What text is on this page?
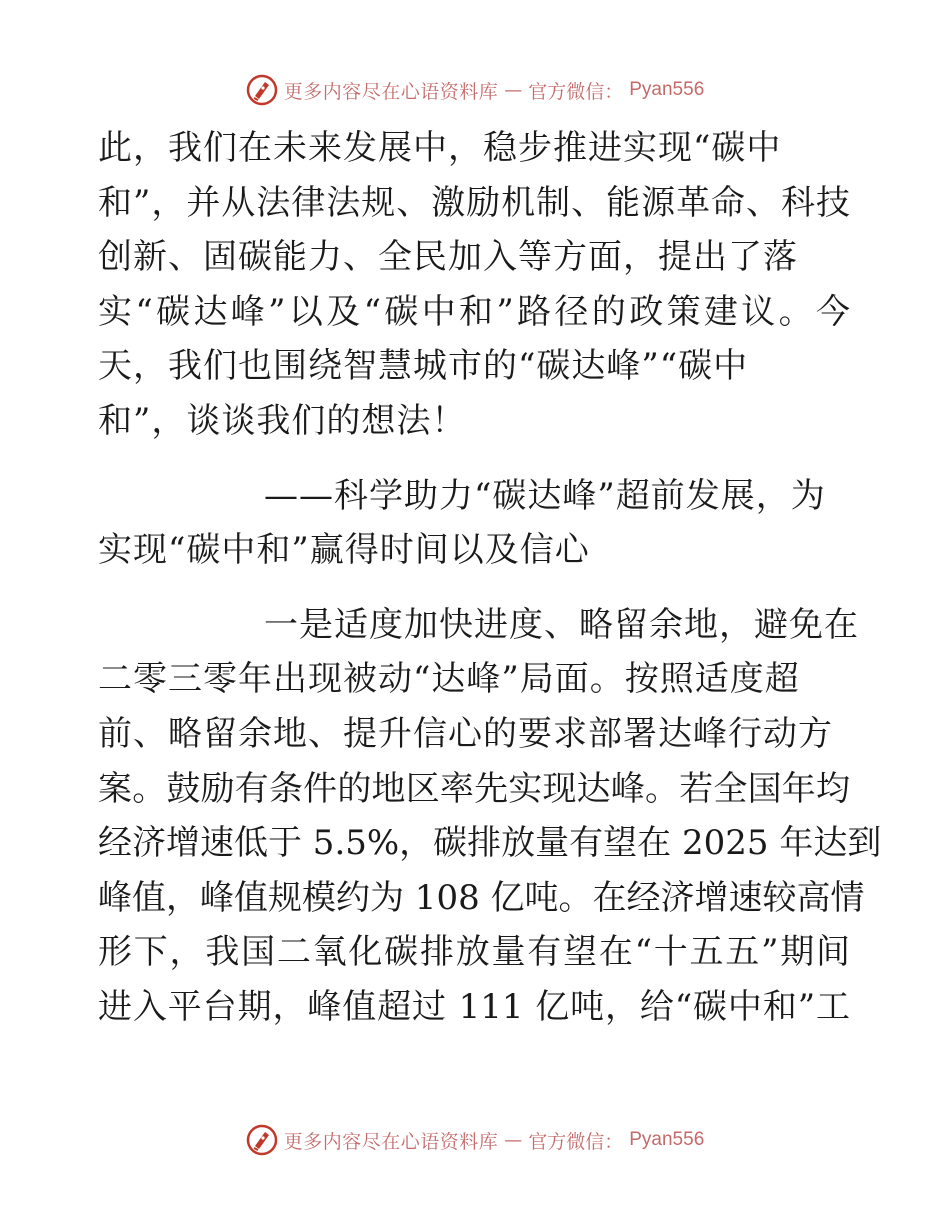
更多内容尽在心语资料库 — 官方微信： Pyan556
此，我们在未来发展中，稳步推进实现“碳中
和”，并从法律法规、激励机制、能源革命、科技
创新、固碳能力、全民加入等方面，提出了落
实“碳达峰”以及“碳中和”路径的政策建议。今
天，我们也围绕智慧城市的“碳达峰”“碳中
和”，谈谈我们的想法！
——科学助力“碳达峰”超前发展，为
实现“碳中和”赢得时间以及信心
一是适度加快进度、略留余地，避免在
二零三零年出现被动“达峰”局面。按照适度超
前、略留余地、提升信心的要求部署达峰行动方
案。鼓励有条件的地区率先实现达峰。若全国年均
经济增速低于 5.5%，碳排放量有望在 2025 年达到
峰值，峰值规模约为 108 亿吨。在经济增速较高情
形下，我国二氧化碳排放量有望在“十五五”期间
进入平台期，峰值超过 111 亿吨，给“碳中和”工
更多内容尽在心语资料库 — 官方微信： Pyan556
